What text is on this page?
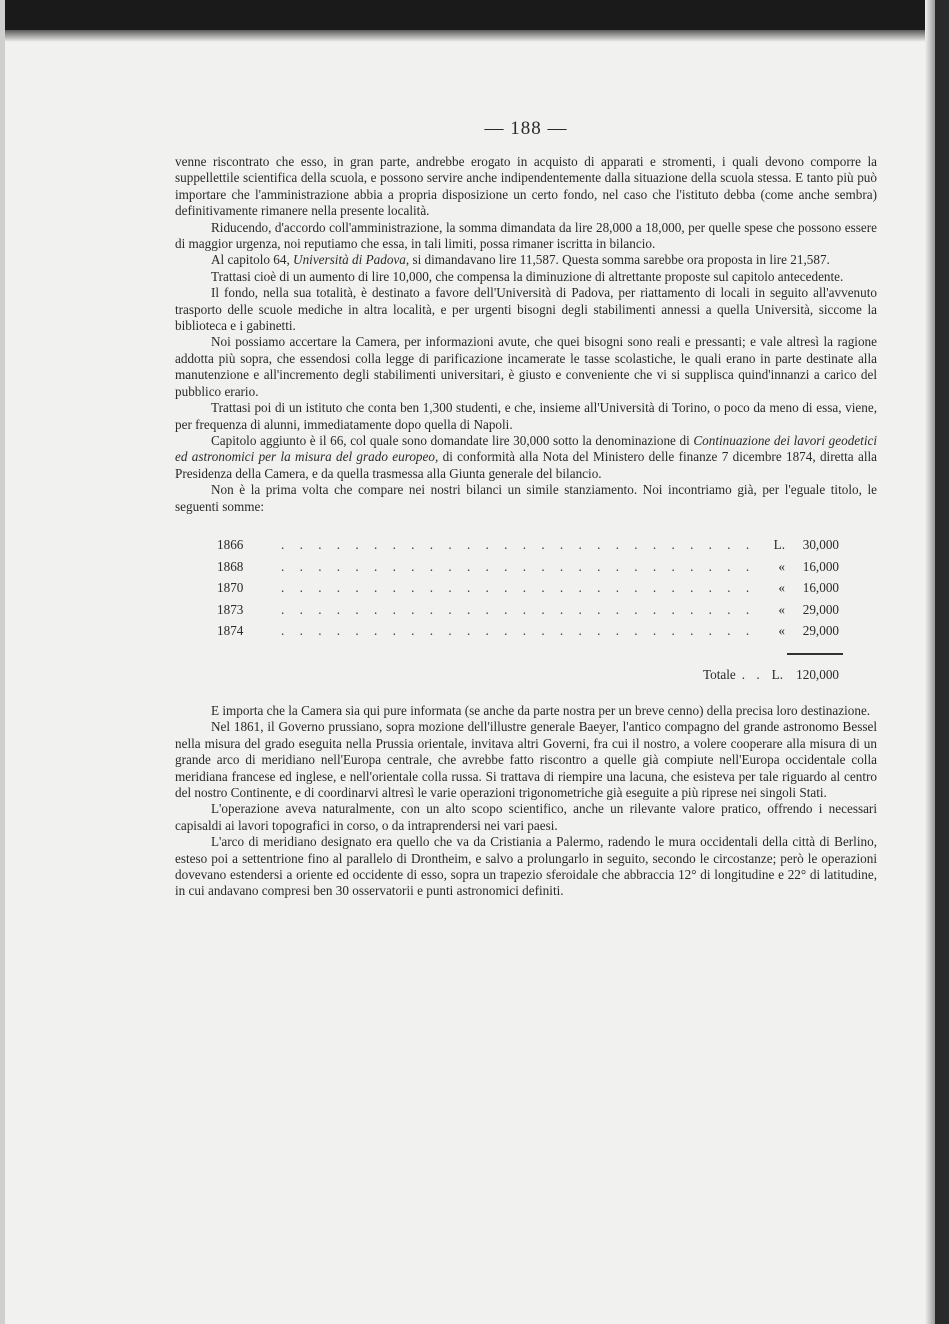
— 188 —

venne riscontrato che esso, in gran parte, andrebbe erogato in acquisto di apparati e stromenti, i quali devono comporre la suppellettile scientifica della scuola, e possono servire anche indipendentemente dalla situazione della scuola stessa. E tanto più può importare che l'amministrazione abbia a propria disposizione un certo fondo, nel caso che l'istituto debba (come anche sembra) definitivamente rimanere nella presente località.

Riducendo, d'accordo coll'amministrazione, la somma dimandata da lire 28,000 a 18,000, per quelle spese che possono essere di maggior urgenza, noi reputiamo che essa, in tali limiti, possa rimaner iscritta in bilancio.

Al capitolo 64, Università di Padova, si dimandavano lire 11,587. Questa somma sarebbe ora proposta in lire 21,587.

Trattasi cioè di un aumento di lire 10,000, che compensa la diminuzione di altrettante proposte sul capitolo antecedente.

Il fondo, nella sua totalità, è destinato a favore dell'Università di Padova, per riattamento di locali in seguito all'avvenuto trasporto delle scuole mediche in altra località, e per urgenti bisogni degli stabilimenti annessi a quella Università, siccome la biblioteca e i gabinetti.

Noi possiamo accertare la Camera, per informazioni avute, che quei bisogni sono reali e pressanti; e vale altresì la ragione addotta più sopra, che essendosi colla legge di parificazione incamerate le tasse scolastiche, le quali erano in parte destinate alla manutenzione e all'incremento degli stabilimenti universitari, è giusto e conveniente che vi si supplisca quind'innanzi a carico del pubblico erario.

Trattasi poi di un istituto che conta ben 1,300 studenti, e che, insieme all'Università di Torino, o poco da meno di essa, viene, per frequenza di alunni, immediatamente dopo quella di Napoli.

Capitolo aggiunto è il 66, col quale sono domandate lire 30,000 sotto la denominazione di Continuazione dei lavori geodetici ed astronomici per la misura del grado europeo, di conformità alla Nota del Ministero delle finanze 7 dicembre 1874, diretta alla Presidenza della Camera, e da quella trasmessa alla Giunta generale del bilancio.

Non è la prima volta che compare nei nostri bilanci un simile stanziamento. Noi incontriamo già, per l'eguale titolo, le seguenti somme:

1866	. . . . . . . . . . . . . . . . . . . . . . . . . .	L.	30,000
1868	. . . . . . . . . . . . . . . . . . . . . . . . . .	«	16,000
1870	. . . . . . . . . . . . . . . . . . . . . . . . . .	«	16,000
1873	. . . . . . . . . . . . . . . . . . . . . . . . . .	«	29,000
1874	. . . . . . . . . . . . . . . . . . . . . . . . . .	«	29,000
Totale . . L. 120,000

E importa che la Camera sia qui pure informata (se anche da parte nostra per un breve cenno) della precisa loro destinazione.

Nel 1861, il Governo prussiano, sopra mozione dell'illustre generale Baeyer, l'antico compagno del grande astronomo Bessel nella misura del grado eseguita nella Prussia orientale, invitava altri Governi, fra cui il nostro, a volere cooperare alla misura di un grande arco di meridiano nell'Europa centrale, che avrebbe fatto riscontro a quelle già compiute nell'Europa occidentale colla meridiana francese ed inglese, e nell'orientale colla russa. Si trattava di riempire una lacuna, che esisteva per tale riguardo al centro del nostro Continente, e di coordinarvi altresì le varie operazioni trigonometriche già eseguite a più riprese nei singoli Stati.

L'operazione aveva naturalmente, con un alto scopo scientifico, anche un rilevante valore pratico, offrendo i necessari capisaldi ai lavori topografici in corso, o da intraprendersi nei vari paesi.

L'arco di meridiano designato era quello che va da Cristiania a Palermo, radendo le mura occidentali della città di Berlino, esteso poi a settentrione fino al parallelo di Drontheim, e salvo a prolungarlo in seguito, secondo le circostanze; però le operazioni dovevano estendersi a oriente ed occidente di esso, sopra un trapezio sferoidale che abbraccia 12° di longitudine e 22° di latitudine, in cui andavano compresi ben 30 osservatorii e punti astronomici definiti.
